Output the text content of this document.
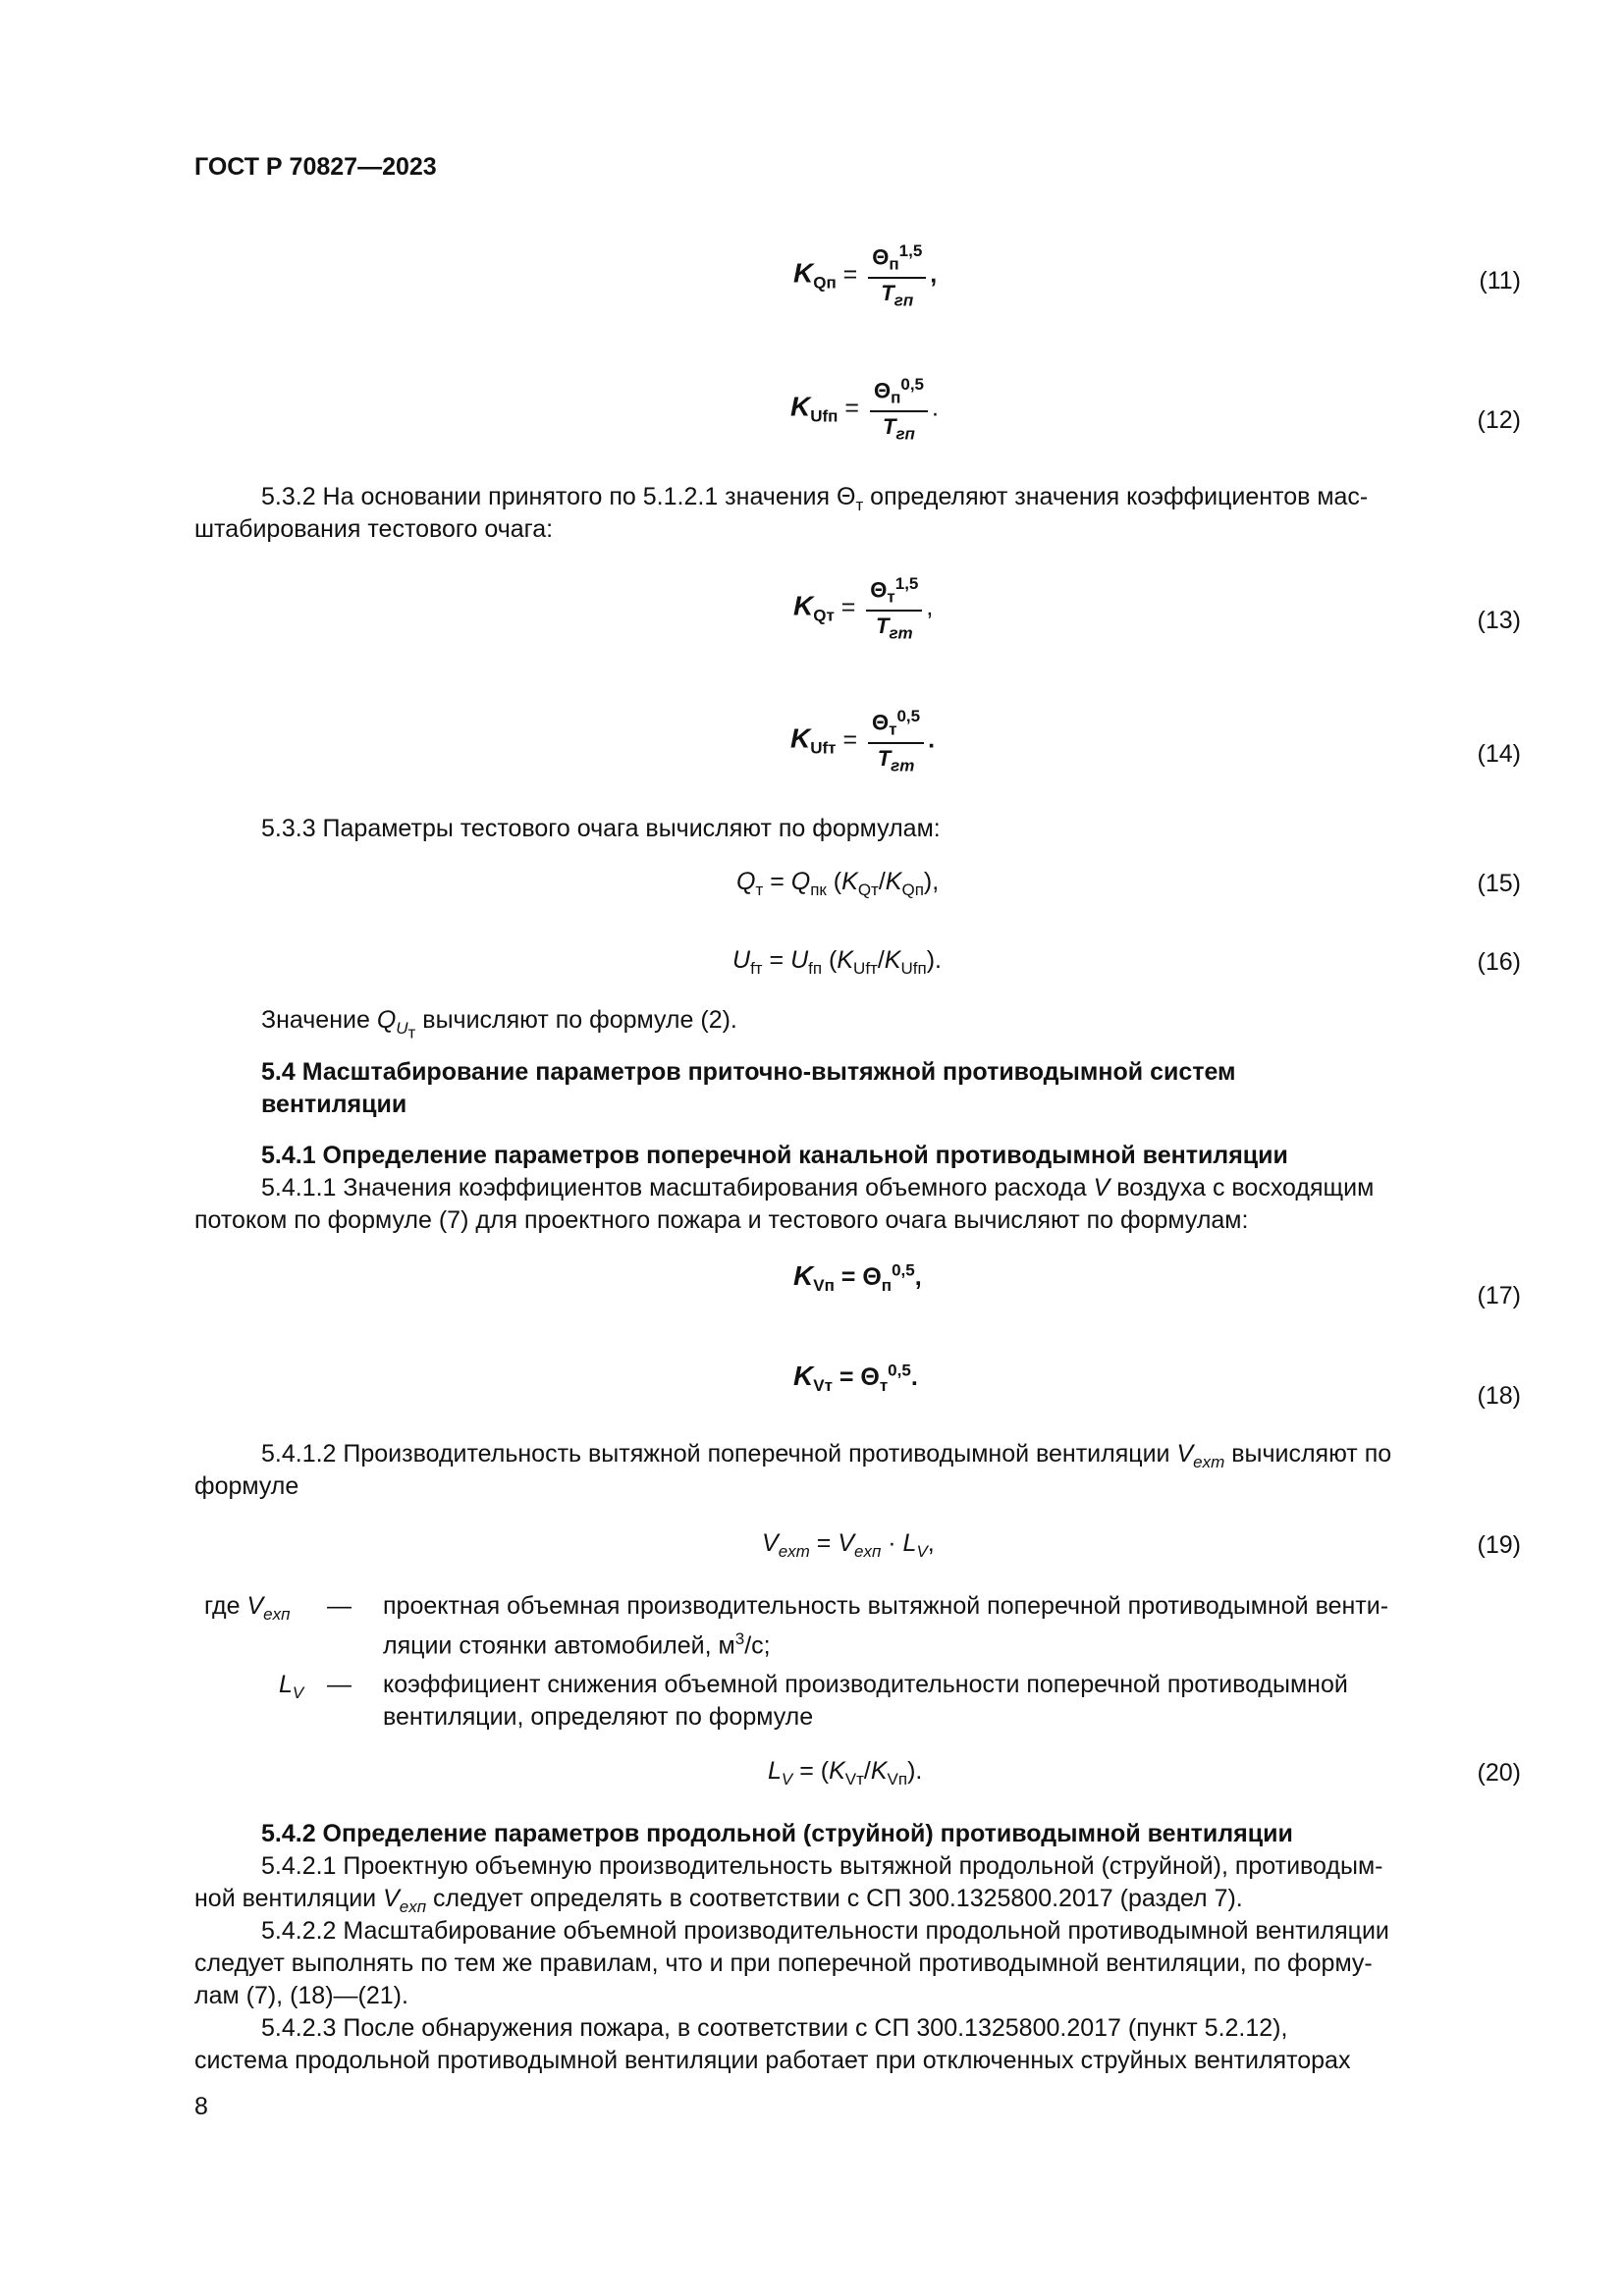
ГОСТ Р 70827—2023
$K_{Qп} = \frac{\Theta_п^{1,5}}{T_{гп}}$ ,	(11)
$K_{Ufп} = \frac{\Theta_п^{0,5}}{T_{гп}}$ .	(12)
5.3.2 На основании принятого по 5.1.2.1 значения $\Theta_т$ определяют значения коэффициентов мас-
штабирования тестового очага:
$K_{Qт} = \frac{\Theta_т^{1,5}}{T_{гт}}$ ,	(13)
$K_{Ufт} = \frac{\Theta_т^{0,5}}{T_{гт}}$ .
(14)
5.3.3 Параметры тестового очага вычисляют по формулам:
$Q_т = Q_{пк}$ $(K_{Qт}/K_{Qп})$,	(15)
$U_{fт} = U_{fп}$ $(K_{Ufт}/K_{Ufп})$.	(16)
Значение $Q_{U_т}$ вычисляют по формуле (2).
5.4 Масштабирование параметров приточно-вытяжной противодымной систем
вентиляции
5.4.1 Определение параметров поперечной канальной противодымной вентиляции
5.4.1.1 Значения коэффициентов масштабирования объемного расхода V воздуха с восходящим
потоком по формуле (7) для проектного пожара и тестового очага вычисляют по формулам:
$K_{Vп} = \Theta_п^{0,5}$,
(17)
$K_{Vт} = \Theta_т^{0,5}$.
(18)
5.4.1.2 Производительность вытяжной поперечной противодымной вентиляции $V_{exт}$ вычисляют по
формуле
$V_{exт} = V_{exп} \cdot L_V$,	(19)
где $V_{exп}$ — проектная объемная производительность вытяжной поперечной противодымной венти-
ляции стоянки автомобилей, $м^3/с$;
$L_V$ — коэффициент снижения объемной производительности поперечной противодымной
вентиляции, определяют по формуле
$L_V = (K_{Vт}/K_{Vп})$.	(20)
5.4.2 Определение параметров продольной (струйной) противодымной вентиляции
5.4.2.1 Проектную объемную производительность вытяжной продольной (струйной), противодым-
ной вентиляции $V_{exп}$ следует определять в соответствии с СП 300.1325800.2017 (раздел 7).
5.4.2.2 Масштабирование объемной производительности продольной противодымной вентиляции
следует выполнять по тем же правилам, что и при поперечной противодымной вентиляции, по форму-
лам (7), (18)—(21).
5.4.2.3 После обнаружения пожара, в соответствии с СП 300.1325800.2017 (пункт 5.2.12),
система продольной противодымной вентиляции работает при отключенных струйных вентиляторах
8
